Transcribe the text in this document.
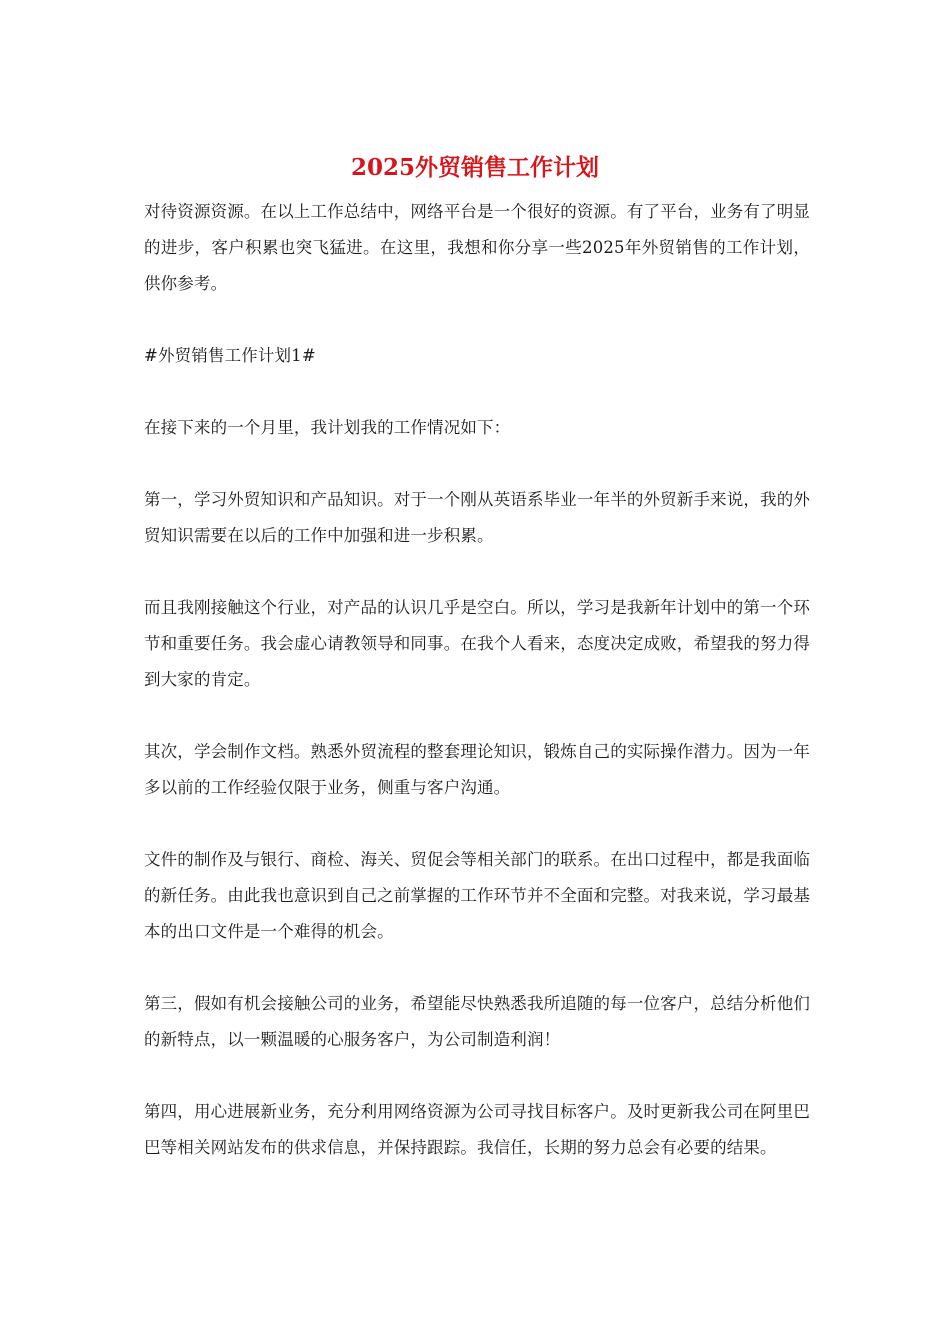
2025外贸销售工作计划

对待资源资源。在以上工作总结中，网络平台是一个很好的资源。有了平台，业务有了明显的进步，客户积累也突飞猛进。在这里，我想和你分享一些2025年外贸销售的工作计划，供你参考。

#外贸销售工作计划1#

在接下来的一个月里，我计划我的工作情况如下：

第一，学习外贸知识和产品知识。对于一个刚从英语系毕业一年半的外贸新手来说，我的外贸知识需要在以后的工作中加强和进一步积累。

而且我刚接触这个行业，对产品的认识几乎是空白。所以，学习是我新年计划中的第一个环节和重要任务。我会虚心请教领导和同事。在我个人看来，态度决定成败，希望我的努力得到大家的肯定。

其次，学会制作文档。熟悉外贸流程的整套理论知识，锻炼自己的实际操作潜力。因为一年多以前的工作经验仅限于业务，侧重与客户沟通。

文件的制作及与银行、商检、海关、贸促会等相关部门的联系。在出口过程中，都是我面临的新任务。由此我也意识到自己之前掌握的工作环节并不全面和完整。对我来说，学习最基本的出口文件是一个难得的机会。

第三，假如有机会接触公司的业务，希望能尽快熟悉我所追随的每一位客户，总结分析他们的新特点，以一颗温暖的心服务客户，为公司制造利润！

第四，用心进展新业务，充分利用网络资源为公司寻找目标客户。及时更新我公司在阿里巴巴等相关网站发布的供求信息，并保持跟踪。我信任，长期的努力总会有必要的结果。
